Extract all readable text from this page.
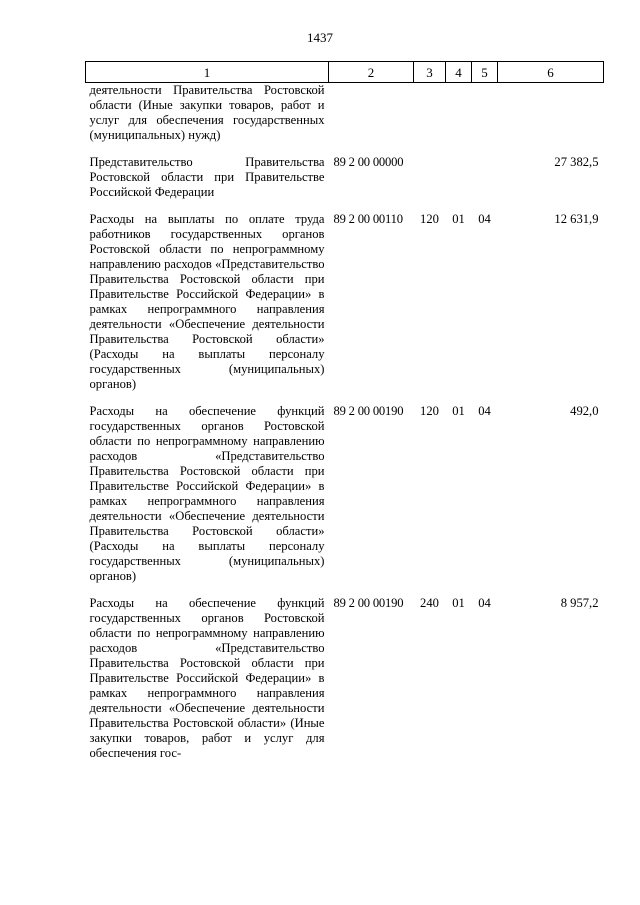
1437
1	2	3	4	5	6
деятельности Правительства Ростовской области (Иные закупки товаров, работ и услуг для обеспечения государственных (муниципальных) нужд)					

Представительство Правительства Ростовской области при Правительстве Российской Федерации	89 2 00 00000				27 382,5

Расходы на выплаты по оплате труда работников государственных органов Ростовской области по непрограммному направлению расходов «Представительство Правительства Ростовской области при Правительстве Российской Федерации» в рамках непрограммного направления деятельности «Обеспечение деятельности Правительства Ростовской области» (Расходы на выплаты персоналу государственных (муниципальных) органов)	89 2 00 00110	120	01	04	12 631,9

Расходы на обеспечение функций государственных органов Ростовской области по непрограммному направлению расходов «Представительство Правительства Ростовской области при Правительстве Российской Федерации» в рамках непрограммного направления деятельности «Обеспечение деятельности Правительства Ростовской области» (Расходы на выплаты персоналу государственных (муниципальных) органов)	89 2 00 00190	120	01	04	492,0

Расходы на обеспечение функций государственных органов Ростовской области по непрограммному направлению расходов «Представительство Правительства Ростовской области при Правительстве Российской Федерации» в рамках непрограммного направления деятельности «Обеспечение деятельности Правительства Ростовской области» (Иные закупки товаров, работ и услуг для обеспечения гос-	89 2 00 00190	240	01	04	8 957,2
